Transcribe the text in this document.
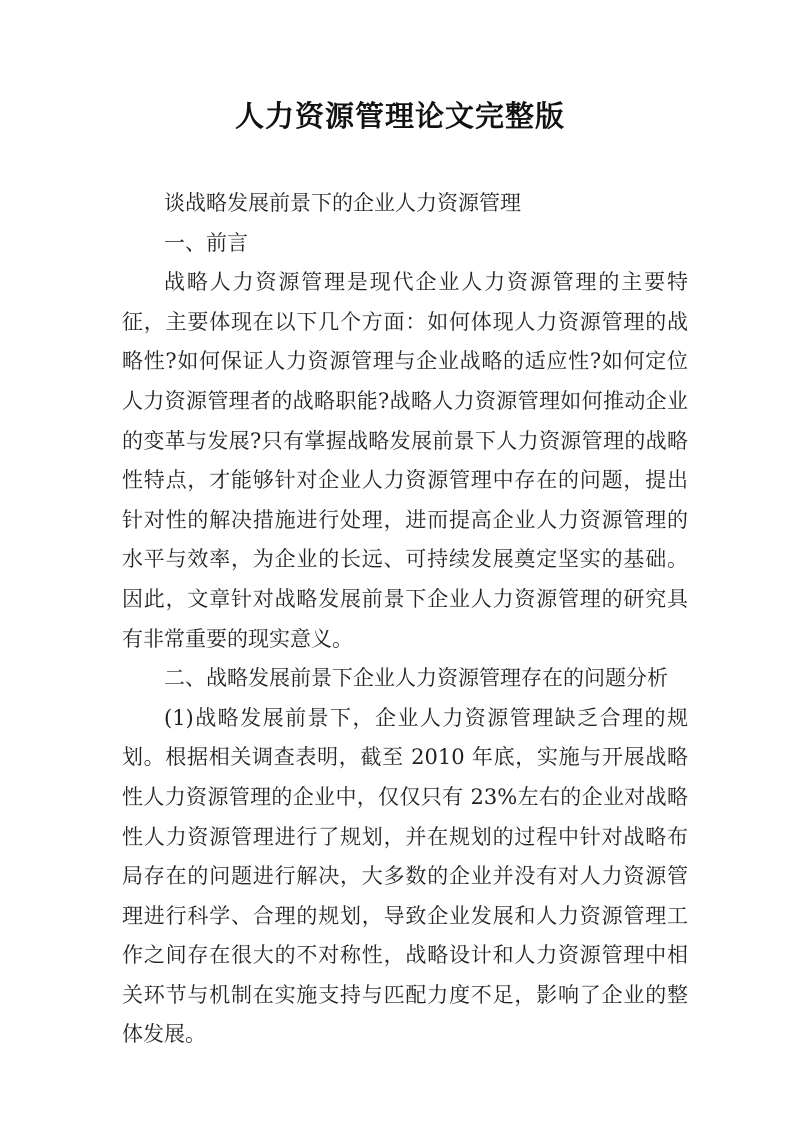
人力资源管理论文完整版

谈战略发展前景下的企业人力资源管理

一、前言

战略人力资源管理是现代企业人力资源管理的主要特征，主要体现在以下几个方面：如何体现人力资源管理的战略性?如何保证人力资源管理与企业战略的适应性?如何定位人力资源管理者的战略职能?战略人力资源管理如何推动企业的变革与发展?只有掌握战略发展前景下人力资源管理的战略性特点，才能够针对企业人力资源管理中存在的问题，提出针对性的解决措施进行处理，进而提高企业人力资源管理的水平与效率，为企业的长远、可持续发展奠定坚实的基础。因此，文章针对战略发展前景下企业人力资源管理的研究具有非常重要的现实意义。

二、战略发展前景下企业人力资源管理存在的问题分析

(1)战略发展前景下，企业人力资源管理缺乏合理的规划。根据相关调查表明，截至 2010 年底，实施与开展战略性人力资源管理的企业中，仅仅只有 23%左右的企业对战略性人力资源管理进行了规划，并在规划的过程中针对战略布局存在的问题进行解决，大多数的企业并没有对人力资源管理进行科学、合理的规划，导致企业发展和人力资源管理工作之间存在很大的不对称性，战略设计和人力资源管理中相关环节与机制在实施支持与匹配力度不足，影响了企业的整体发展。
